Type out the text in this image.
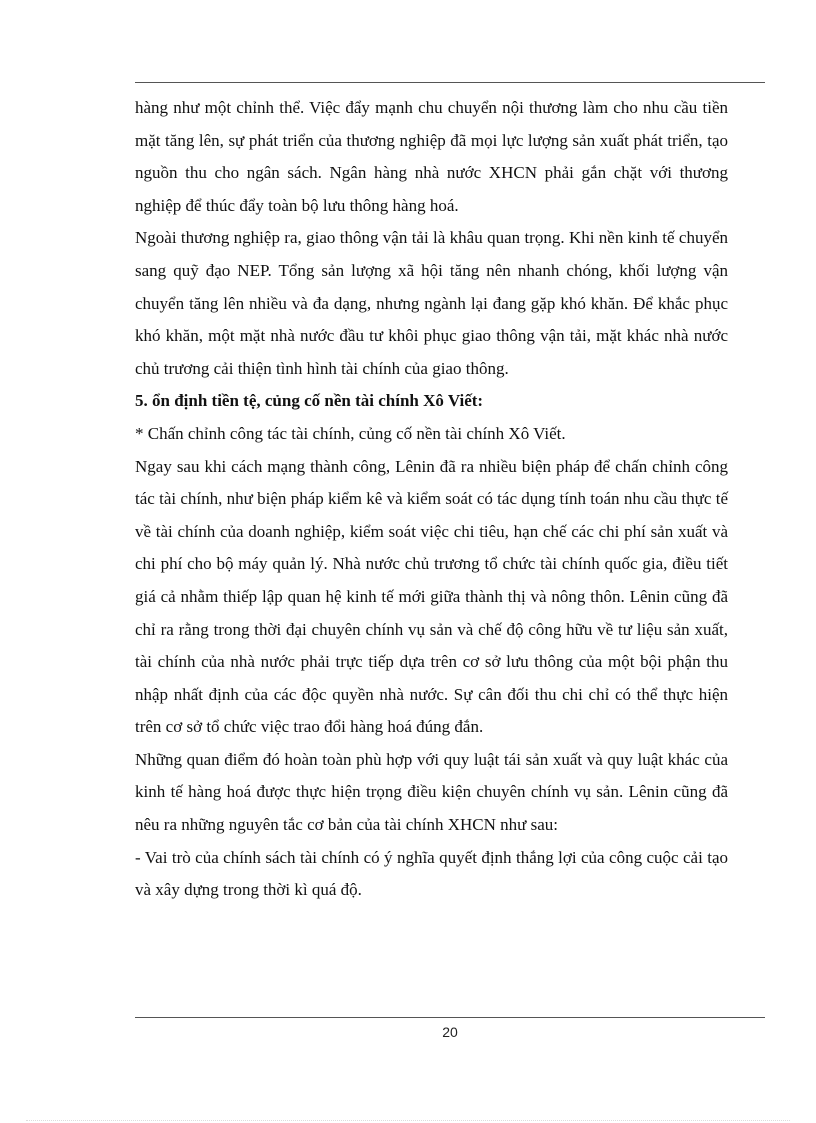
hàng như một chỉnh thể. Việc đẩy mạnh chu chuyển nội thương làm cho nhu cầu tiền mặt tăng lên, sự phát triển của thương nghiệp đã mọi lực lượng sản xuất phát triển, tạo nguồn thu cho ngân sách. Ngân hàng nhà nước XHCN phải gắn chặt với thương nghiệp để thúc đẩy toàn bộ lưu thông hàng hoá.

Ngoài thương nghiệp ra, giao thông vận tải là khâu quan trọng. Khi nền kinh tế chuyển sang quỹ đạo NEP. Tổng sản lượng xã hội tăng nên nhanh chóng, khối lượng vận chuyển tăng lên nhiều và đa dạng, nhưng ngành lại đang gặp khó khăn. Để khắc phục khó khăn, một mặt nhà nước đầu tư khôi phục giao thông vận tải, mặt khác nhà nước chủ trương cải thiện tình hình tài chính của giao thông.

5. ổn định tiền tệ, củng cố nền tài chính Xô Viết:

* Chấn chỉnh công tác tài chính, củng cố nền tài chính Xô Viết.

Ngay sau khi cách mạng thành công, Lênin đã ra nhiều biện pháp để chấn chỉnh công tác tài chính, như biện pháp kiểm kê và kiểm soát có tác dụng tính toán nhu cầu thực tế về tài chính của doanh nghiệp, kiểm soát việc chi tiêu, hạn chế các chi phí sản xuất và chi phí cho bộ máy quản lý. Nhà nước chủ trương tổ chức tài chính quốc gia, điều tiết giá cả nhằm thiếp lập quan hệ kinh tế mới giữa thành thị và nông thôn. Lênin cũng đã chỉ ra rằng trong thời đại chuyên chính vụ sản và chế độ công hữu về tư liệu sản xuất, tài chính của nhà nước phải trực tiếp dựa trên cơ sở lưu thông của một bội phận thu nhập nhất định của các độc quyền nhà nước. Sự cân đối thu chi chỉ có thể thực hiện trên cơ sở tổ chức việc trao đổi hàng hoá đúng đắn.

Những quan điểm đó hoàn toàn phù hợp với quy luật tái sản xuất và quy luật khác của kinh tế hàng hoá được thực hiện trọng điều kiện chuyên chính vụ sản. Lênin cũng đã nêu ra những nguyên tắc cơ bản của tài chính XHCN như sau:

- Vai trò của chính sách tài chính có ý nghĩa quyết định thắng lợi của công cuộc cải tạo và xây dựng trong thời kì quá độ.

20
